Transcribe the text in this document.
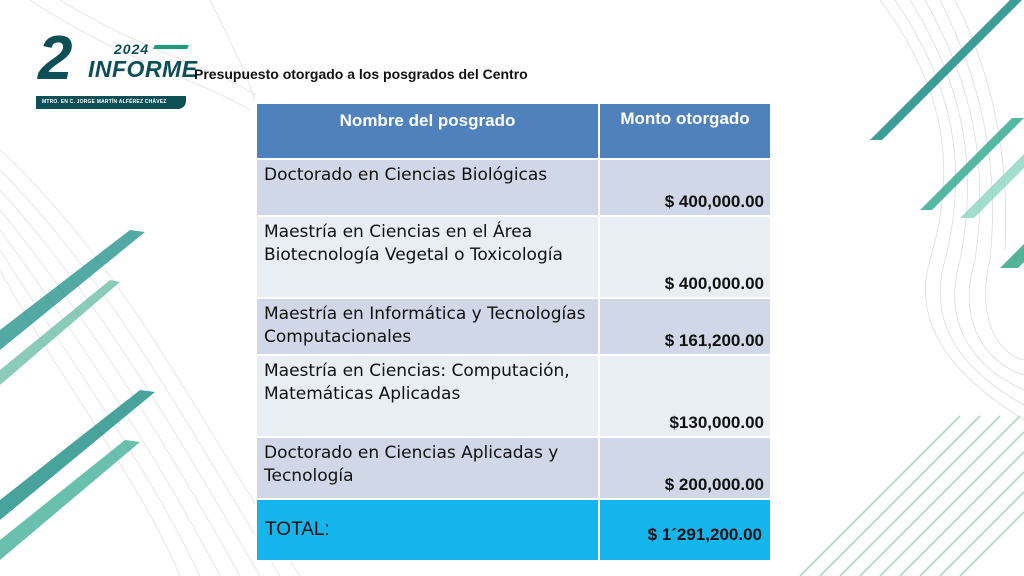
2	2024
INFORME
MTRO. EN C. JORGE MARTÍN ALFÉREZ CHÁVEZ
Presupuesto otorgado a los posgrados del Centro
Nombre del posgrado	Monto otorgado
Doctorado en Ciencias Biológicas	$ 400,000.00
Maestría en Ciencias en el Área Biotecnología Vegetal o Toxicología	$ 400,000.00
Maestría en Informática y Tecnologías Computacionales	$ 161,200.00
Maestría en Ciencias: Computación, Matemáticas Aplicadas	$130,000.00
Doctorado en Ciencias Aplicadas y Tecnología	$ 200,000.00
TOTAL:	$ 1´291,200.00
